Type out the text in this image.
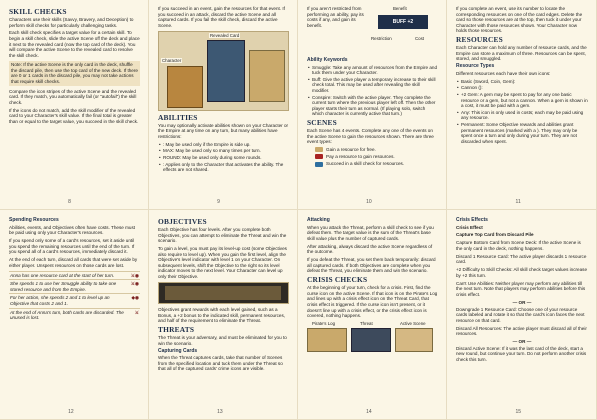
SKILL CHECKS

Characters use their skills (Savvy, Bravery, and Deception) to perform skill checks for particularly challenging tasks.

Each skill check specifies a target value for a certain skill. To begin a skill check, slide the active Scene off the deck and place it next to the revealed card (now the top card of the deck). You will compare the active Scene to the revealed card to resolve the skill check.

Note: If the active Scene is the only card in the deck, shuffle the discard pile, then use the top card of the new deck. If there are 0 or 1 cards in the discard pile, you may not take actions that require skill checks.

Compare the icon stripes of the active Scene and the revealed card. If they match, you automatically fail (or "autofail") the skill check.

If the icons do not match, add the skill modifier of the revealed card to your Character's skill value. If the final total is greater than or equal to the target value, you succeed in the skill check.

8

If you succeed in an event, gain the resources for that event. If you succeed in an attack, discard the active Scene and all captured cards. If you fail the skill check, discard the active Scene.

Revealed Card
Character
ABILITIES

You may optionally activate abilities shown on your Character or the Empire at any time on any turn, but many abilities have restrictions:

• : May be used only if the Empire is side up.
• MAX: May be used only so many times per turn.
• ROUND: May be used only during some rounds.
• : Applies only to the Character that activates the ability. The effects are not shared.
9

If you aren't restricted from performing an ability, pay its costs if any, and gain its benefit.

Benefit
BUFF +2
Restriction	Cost
Ability Keywords
• Smuggle: Take any amount of resources from the Empire and tuck them under your Character.
• Buff: Give the active player a temporary increase to their skill check total. This may be used after revealing the skill modifier.
• Conspire: Switch with the active player. They complete the current turn where the previous player left off. Then the other player starts their turn as normal. (If playing solo, switch which character is currently active that turn.)
SCENES

Each Scene has 4 events. Complete any one of the events on the active Scene to gain the resources shown. There are three event types:

Gain a resource for free.
Pay a resource to gain resources.
Succeed in a skill check for resources.
10

If you complete an event, use its number to locate the corresponding resources on one of the card edges. Delete the card so those resources are at the top, then tuck it under your Character with those resources shown. Your Character now holds those resources.

RESOURCES

Each Character can hold any number of resource cards, and the Empire can store a maximum of three. Resources can be spent, stored, and smuggled.

Resource Types

Different resources each have their own icons:

• Basic (Sword, Coin, Gem):
• Cannon ():
• +2 Gem: A gem may be spent to pay for any one basic resource or a gem, but not a cannon. When a gem is shown in a cost, it must be paid with a gem.
• Any: This icon is only used in costs; each may be paid using any resource.
• Permanent: Some Objective rewards and abilities grant permanent resources (marked with a ). They may only be spent once a turn and only during your turn. They are not discarded when spent.
11
Spending Resources

Abilities, events, and Objectives often have costs. These must be paid using only your Character's resources.

If you spend only some of a card's resources, set it aside until you spend the remaining resources until the end of the turn. If you spend all of a card's resources, immediately discard it.

At the end of each turn, discard all cards that were set aside by either player. Unspent resources on those cards are lost.

Anna has one resource card at the start of her turn.	⚔◉
She spends 1 to use her Smuggle ability to take one stored resource and from the Empire.	⚔◉
For her action, she spends 2 and 1 to level up an Objective that costs 2 and 1.	◆◉
At the end of Anna's turn, both cards are discarded. The unused is lost.	⚔
12
OBJECTIVES

Each Objective has four levels. After you complete both Objectives, you can attempt to eliminate the Threat and win the scenario.

To gain a level, you must pay its level-up cost (some Objectives also require to level up). When you gain the first level, align the Objective's level indicator with level 1 on your Character. On subsequent levels, shift the Objective to the right so its level indicator moves to the next level. Your Character can level up only their Objective.

Objectives grant rewards with each level gained, such as a Bonus, a +2 bonus to the indicated skill, permanent resources, and half of the requirement to eliminate the Threat.

THREATS

The Threat is your adversary, and must be eliminated for you to win the scenario.

Capturing Cards

When the Threat captures cards, take that number of Scenes from the specified location and tuck them under the Threat so that all of the captured cards' crime icons are visible.

13
Attacking

When you attack the Threat, perform a skill check to see if you defeat them. The target value is the sum of the Threat's base skill value plus the number of captured cards.

After attacking, always discard the active Scene regardless of the outcome.

If you defeat the Threat, you set them back temporarily: discard all captured cards. If both Objectives are complete when you defeat the Threat, you eliminate them and win the scenario.

CRISIS CHECKS

At the beginning of your turn, check for a crisis. First, find the curse icon on the active Scene. If that icon is on the Pirate's Log and lines up with a crisis effect icon on the Threat Card, that crisis effect is triggered. If the curse icon isn't present, or it doesn't line up with a crisis effect, or the crisis effect icon is covered, nothing happens.

Pirate's Log	Threat	Active Scene
14
Crisis Effects

Crisis Effect

Capture Top Card from Discard Pile

Capture Bottom Card from Scene Deck: If the active Scene is the only card in the deck, nothing happens.

Discard 1 Resource Card: The active player discards 1 resource card.

+2 Difficulty to Skill Checks: All skill check target values increase by +2 this turn.

Can't Use Abilities: Neither player may perform any abilities till the next turn. Note that players may perform abilities before this crisis effect.

— OR —

Downgrade 1 Resource Card: Choose one of your resource cards labeled and rotate it so that the card's icon faces the next resource on that card.

Discard All Resources: The active player must discard all of their resources.

— OR —

Discard Active Scene: If it was the last card of the deck, start a new round, but continue your turn. Do not perform another crisis check this turn.

15
